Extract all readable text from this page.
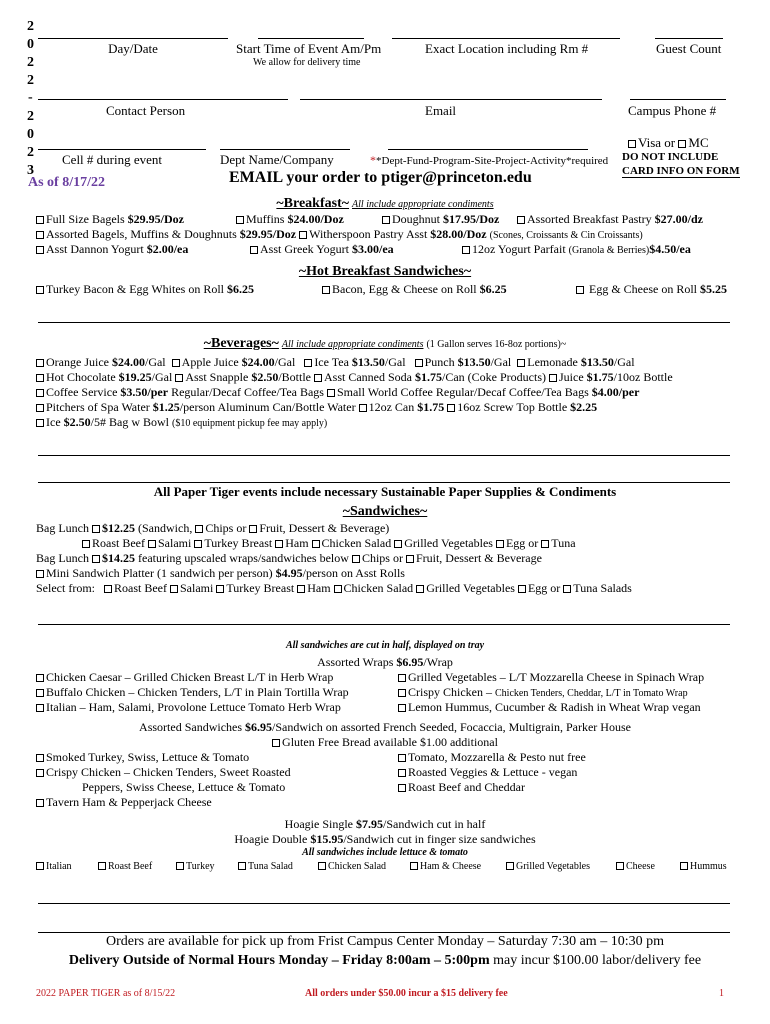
2
0
2
2
-
2
0
2
3
Day/Date	Start Time of Event Am/Pm
We allow for delivery time
Exact Location including Rm #	Guest Count
Contact Person	Email	Campus Phone #
Cell # during event	Dept Name/Company	**Dept-Fund-Program-Site-Project-Activity*required
Visa or MC
DO NOT INCLUDE
CARD INFO ON FORM
As of 8/17/22	EMAIL your order to ptiger@princeton.edu
~Breakfast~ All include appropriate condiments
Full Size Bagels $29.95/Doz	Muffins $24.00/Doz	Doughnut $17.95/Doz	Assorted Breakfast Pastry $27.00/dz
Assorted Bagels, Muffins & Doughnuts $29.95/Doz Witherspoon Pastry Asst $28.00/Doz (Scones, Croissants & Cin Croissants)
Asst Dannon Yogurt $2.00/ea	Asst Greek Yogurt $3.00/ea	12oz Yogurt Parfait (Granola & Berries)$4.50/ea
~Hot Breakfast Sandwiches~
Turkey Bacon & Egg Whites on Roll $6.25	Bacon, Egg & Cheese on Roll $6.25	Egg & Cheese on Roll $5.25
~Beverages~ All include appropriate condiments (1 Gallon serves 16-8oz portions)~
Orange Juice $24.00/Gal Apple Juice $24.00/Gal Ice Tea $13.50/Gal Punch $13.50/Gal Lemonade $13.50/Gal
Hot Chocolate $19.25/Gal Asst Snapple $2.50/Bottle Asst Canned Soda $1.75/Can (Coke Products) Juice $1.75/10oz Bottle
Coffee Service $3.50/per Regular/Decaf Coffee/Tea Bags Small World Coffee Regular/Decaf Coffee/Tea Bags $4.00/per
Pitchers of Spa Water $1.25/person Aluminum Can/Bottle Water 12oz Can $1.75 16oz Screw Top Bottle $2.25
Ice $2.50/5# Bag w Bowl ($10 equipment pickup fee may apply)
All Paper Tiger events include necessary Sustainable Paper Supplies & Condiments
~Sandwiches~
Bag Lunch $12.25 (Sandwich, Chips or Fruit, Dessert & Beverage)
Roast Beef Salami Turkey Breast Ham Chicken Salad Grilled Vegetables Egg or Tuna
Bag Lunch $14.25 featuring upscaled wraps/sandwiches below Chips or Fruit, Dessert & Beverage
Mini Sandwich Platter (1 sandwich per person) $4.95/person on Asst Rolls
Select from: Roast Beef Salami Turkey Breast Ham Chicken Salad Grilled Vegetables Egg or Tuna Salads
All sandwiches are cut in half, displayed on tray
Assorted Wraps $6.95/Wrap
Chicken Caesar – Grilled Chicken Breast L/T in Herb Wrap	Grilled Vegetables – L/T Mozzarella Cheese in Spinach Wrap
Buffalo Chicken – Chicken Tenders, L/T in Plain Tortilla Wrap	Crispy Chicken – Chicken Tenders, Cheddar, L/T in Tomato Wrap
Italian – Ham, Salami, Provolone Lettuce Tomato Herb Wrap	Lemon Hummus, Cucumber & Radish in Wheat Wrap vegan
Assorted Sandwiches $6.95/Sandwich on assorted French Seeded, Focaccia, Multigrain, Parker House
Gluten Free Bread available $1.00 additional
Smoked Turkey, Swiss, Lettuce & Tomato	Tomato, Mozzarella & Pesto nut free
Crispy Chicken – Chicken Tenders, Sweet Roasted	Roasted Veggies & Lettuce - vegan
Peppers, Swiss Cheese, Lettuce & Tomato	Roast Beef and Cheddar
Tavern Ham & Pepperjack Cheese
Hoagie Single $7.95/Sandwich cut in half
Hoagie Double $15.95/Sandwich cut in finger size sandwiches
All sandwiches include lettuce & tomato
Italian	Roast Beef	Turkey	Tuna Salad	Chicken Salad	Ham & Cheese	Grilled Vegetables	Cheese	Hummus
Orders are available for pick up from Frist Campus Center Monday – Saturday 7:30 am – 10:30 pm
Delivery Outside of Normal Hours Monday – Friday 8:00am – 5:00pm may incur $100.00 labor/delivery fee
2022 PAPER TIGER as of 8/15/22	All orders under $50.00 incur a $15 delivery fee	1
